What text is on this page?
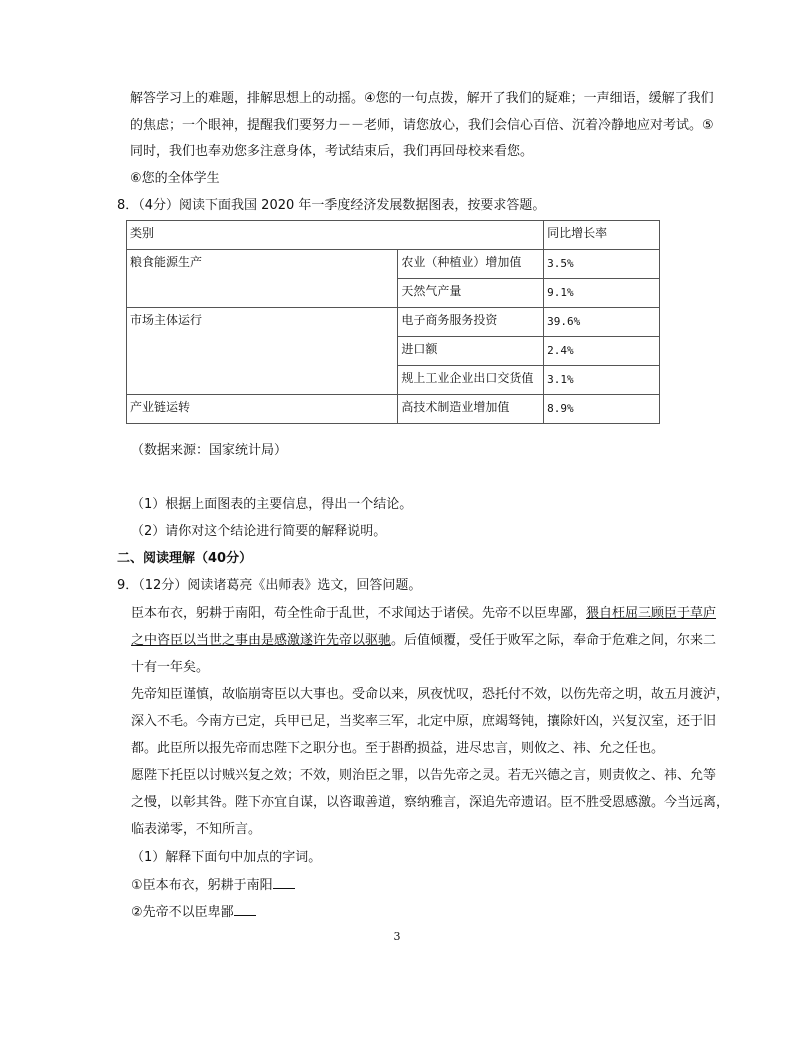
解答学习上的难题，排解思想上的动摇。④您的一句点拨，解开了我们的疑难；一声细语，缓解了我们
的焦虑；一个眼神，提醒我们要努力－－老师，请您放心，我们会信心百倍、沉着冷静地应对考试。⑤
同时，我们也奉劝您多注意身体，考试结束后，我们再回母校来看您。
⑥您的全体学生
8．（4分）阅读下面我国 2020 年一季度经济发展数据图表，按要求答题。
类别		同比增长率
粮食能源生产	农业（种植业）增加值	3.5%
	天然气产量	9.1%
市场主体运行	电子商务服务投资	39.6%
	进口额	2.4%
	规上工业企业出口交货值	3.1%
产业链运转	高技术制造业增加值	8.9%
（数据来源：国家统计局）
（1）根据上面图表的主要信息，得出一个结论。
（2）请你对这个结论进行简要的解释说明。
二、阅读理解（40分）
9．（12分）阅读诸葛亮《出师表》选文，回答问题。
臣本布衣，躬耕于南阳，苟全性命于乱世，不求闻达于诸侯。先帝不以臣卑鄙，猥自枉屈三顾臣于草庐
之中咨臣以当世之事由是感激遂许先帝以驱驰。后值倾覆，受任于败军之际，奉命于危难之间，尔来二
十有一年矣。
先帝知臣谨慎，故临崩寄臣以大事也。受命以来，夙夜忧叹，恐托付不效，以伤先帝之明，故五月渡泸，
深入不毛。今南方已定，兵甲已足，当奖率三军，北定中原，庶竭驽钝，攘除奸凶，兴复汉室，还于旧
都。此臣所以报先帝而忠陛下之职分也。至于斟酌损益，进尽忠言，则攸之、祎、允之任也。
愿陛下托臣以讨贼兴复之效；不效，则治臣之罪，以告先帝之灵。若无兴德之言，则责攸之、祎、允等
之慢，以彰其咎。陛下亦宜自谋，以咨诹善道，察纳雅言，深追先帝遗诏。臣不胜受恩感激。今当远离，
临表涕零，不知所言。
（1）解释下面句中加点的字词。
①臣本布衣，躬耕于南阳
②先帝不以臣卑鄙
3
